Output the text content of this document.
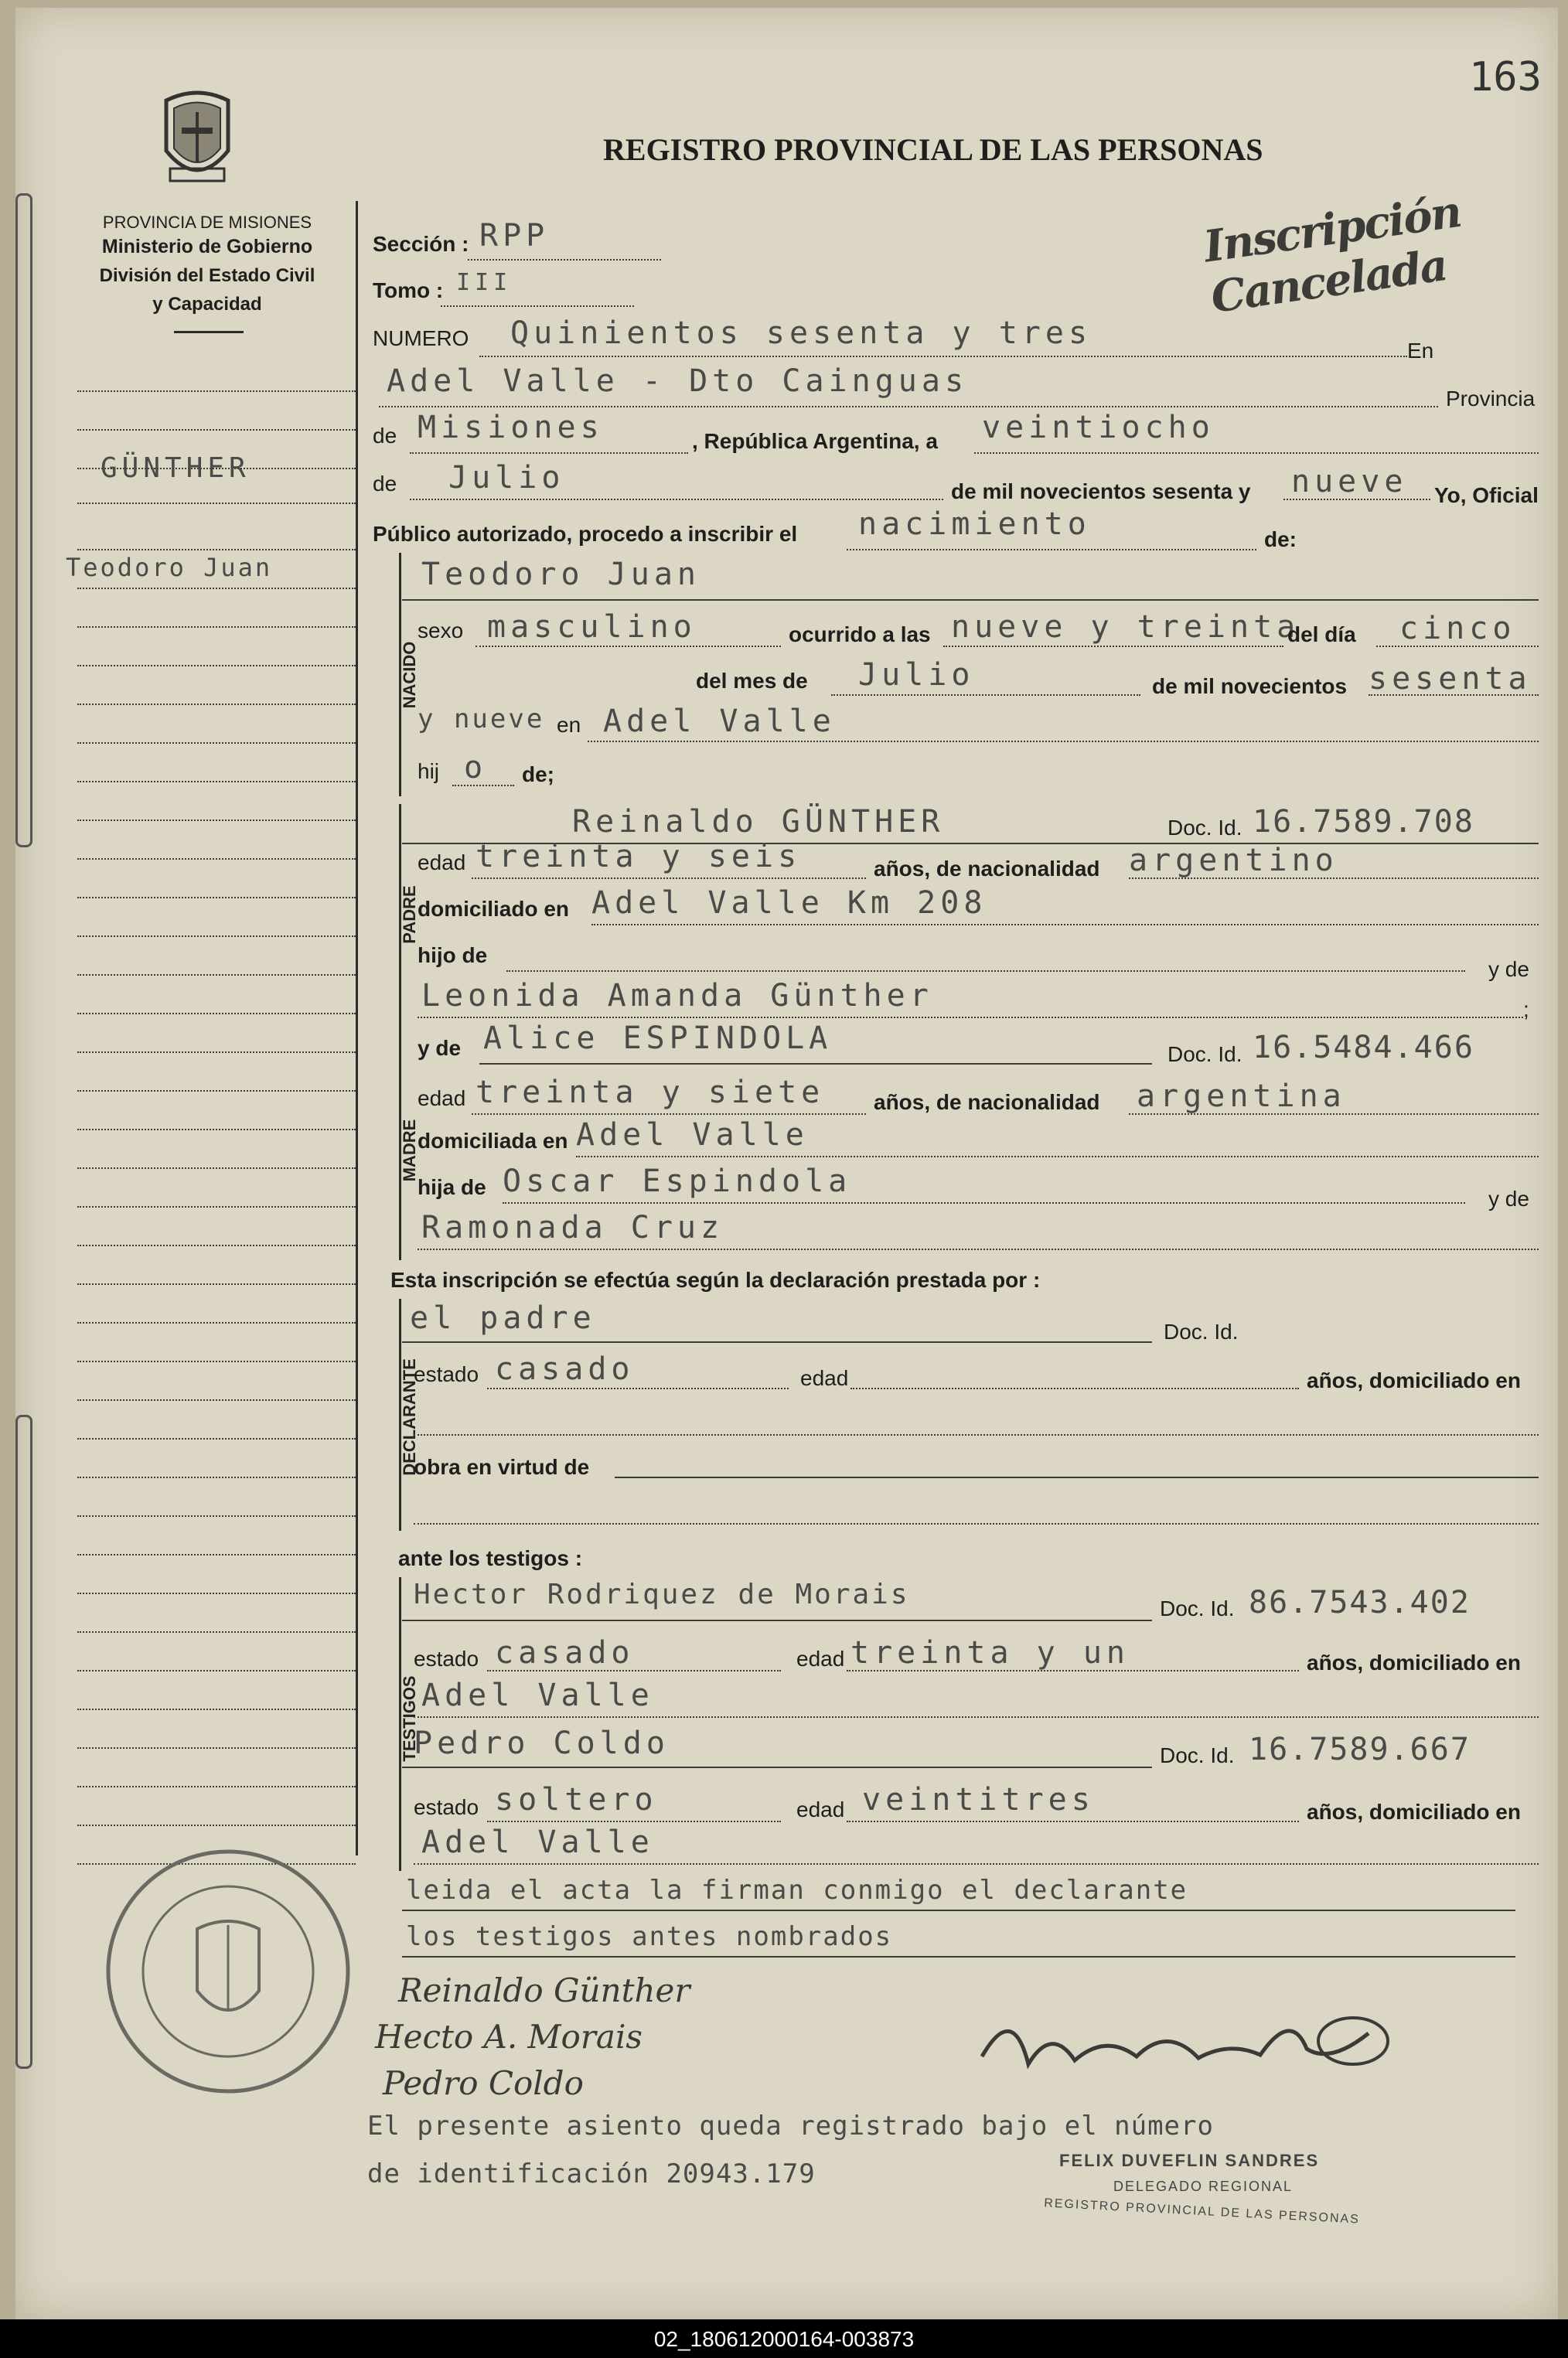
163
REGISTRO PROVINCIAL DE LAS PERSONAS
PROVINCIA DE MISIONES
Ministerio de Gobierno
División del Estado Civil
y Capacidad
Inscripción Cancelada
GÜNTHER
Teodoro Juan
Sección : RPP
Tomo : III
NUMERO Quinientos sesenta y tres	En
Adel Valle - Dto Cainguas	Provincia
de Misiones	, República Argentina, a veintiocho
de Julio	de mil novecientos sesenta y nueve Yo, Oficial
Público autorizado, procedo a inscribir el nacimiento	de:
NACIDO
Teodoro Juan
sexo masculino	ocurrido a las nueve y treinta
del día cinco
del mes de Julio	de mil novecientos sesenta
y nueve en Adel Valle
hij o de;
PADRE
Reinaldo GÜNTHER	Doc. Id. 16.7589.708
edad treinta y seis	años, de nacionalidad argentino
domiciliado en Adel Valle Km 208
hijo de
y de
Leonida Amanda Günther	;
MADRE
y de Alice ESPINDOLA	Doc. Id. 16.5484.466
edad treinta y siete años, de nacionalidad argentina
domiciliada en Adel Valle
hija de Oscar Espindola	y de
Ramonada Cruz
Esta inscripción se efectúa según la declaración prestada por :
DECLARANTE
el padre	Doc. Id.
estado casado	edad	años, domiciliado en
obra en virtud de
ante los testigos :
TESTIGOS
Hector Rodriquez de Morais	Doc. Id. 86.7543.402
estado casado	edad treinta y un	años, domiciliado en
Adel Valle
Pedro Coldo	Doc. Id. 16.7589.667
estado soltero	edad veintitres	años, domiciliado en
Adel Valle
leida el acta la firman conmigo el declarante
los testigos antes nombrados
Reinaldo Günther
Hecto A. Morais
Pedro Coldo
El presente asiento queda registrado bajo el número
de identificación 20943.179	FELIX DUVEFLIN SANDRES
DELEGADO REGIONAL
REGISTRO PROVINCIAL DE LAS PERSONAS
02_180612000164-003873
